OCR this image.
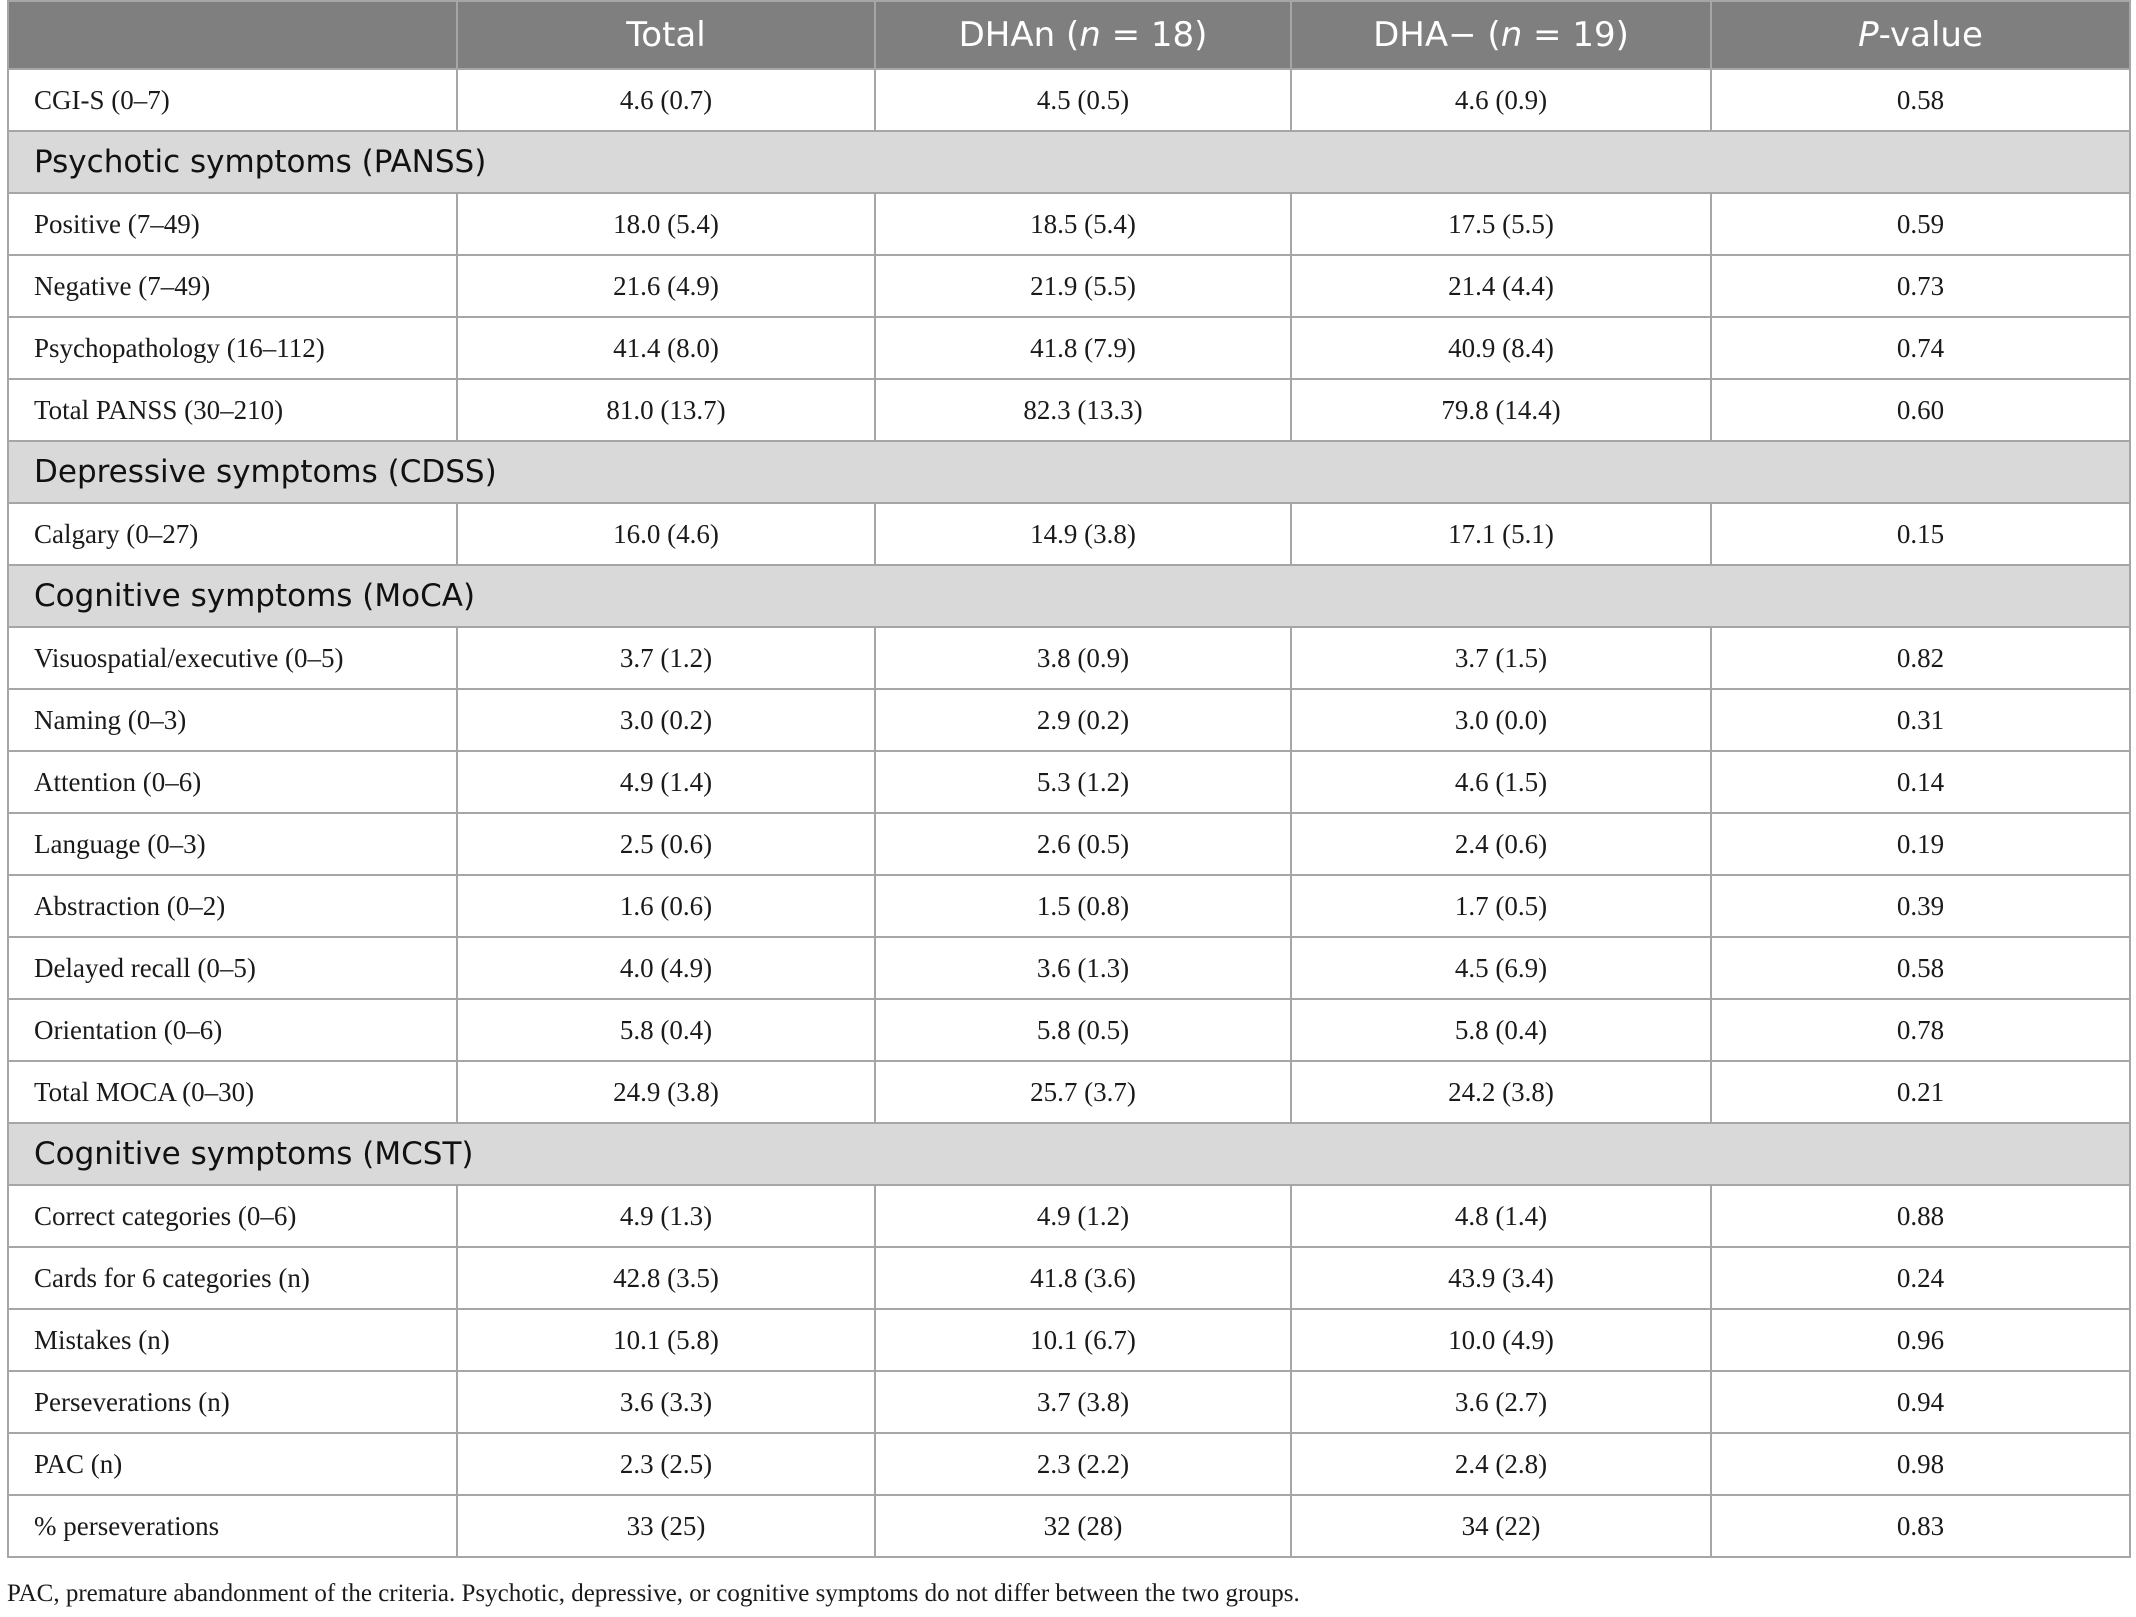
	Total	DHAn (n = 18)	DHA− (n = 19)	P-value
CGI-S (0–7)	4.6 (0.7)	4.5 (0.5)	4.6 (0.9)	0.58
Psychotic symptoms (PANSS)				
Positive (7–49)	18.0 (5.4)	18.5 (5.4)	17.5 (5.5)	0.59
Negative (7–49)	21.6 (4.9)	21.9 (5.5)	21.4 (4.4)	0.73
Psychopathology (16–112)	41.4 (8.0)	41.8 (7.9)	40.9 (8.4)	0.74
Total PANSS (30–210)	81.0 (13.7)	82.3 (13.3)	79.8 (14.4)	0.60
Depressive symptoms (CDSS)				
Calgary (0–27)	16.0 (4.6)	14.9 (3.8)	17.1 (5.1)	0.15
Cognitive symptoms (MoCA)				
Visuospatial/executive (0–5)	3.7 (1.2)	3.8 (0.9)	3.7 (1.5)	0.82
Naming (0–3)	3.0 (0.2)	2.9 (0.2)	3.0 (0.0)	0.31
Attention (0–6)	4.9 (1.4)	5.3 (1.2)	4.6 (1.5)	0.14
Language (0–3)	2.5 (0.6)	2.6 (0.5)	2.4 (0.6)	0.19
Abstraction (0–2)	1.6 (0.6)	1.5 (0.8)	1.7 (0.5)	0.39
Delayed recall (0–5)	4.0 (4.9)	3.6 (1.3)	4.5 (6.9)	0.58
Orientation (0–6)	5.8 (0.4)	5.8 (0.5)	5.8 (0.4)	0.78
Total MOCA (0–30)	24.9 (3.8)	25.7 (3.7)	24.2 (3.8)	0.21
Cognitive symptoms (MCST)				
Correct categories (0–6)	4.9 (1.3)	4.9 (1.2)	4.8 (1.4)	0.88
Cards for 6 categories (n)	42.8 (3.5)	41.8 (3.6)	43.9 (3.4)	0.24
Mistakes (n)	10.1 (5.8)	10.1 (6.7)	10.0 (4.9)	0.96
Perseverations (n)	3.6 (3.3)	3.7 (3.8)	3.6 (2.7)	0.94
PAC (n)	2.3 (2.5)	2.3 (2.2)	2.4 (2.8)	0.98
% perseverations	33 (25)	32 (28)	34 (22)	0.83
PAC, premature abandonment of the criteria. Psychotic, depressive, or cognitive symptoms do not differ between the two groups.
